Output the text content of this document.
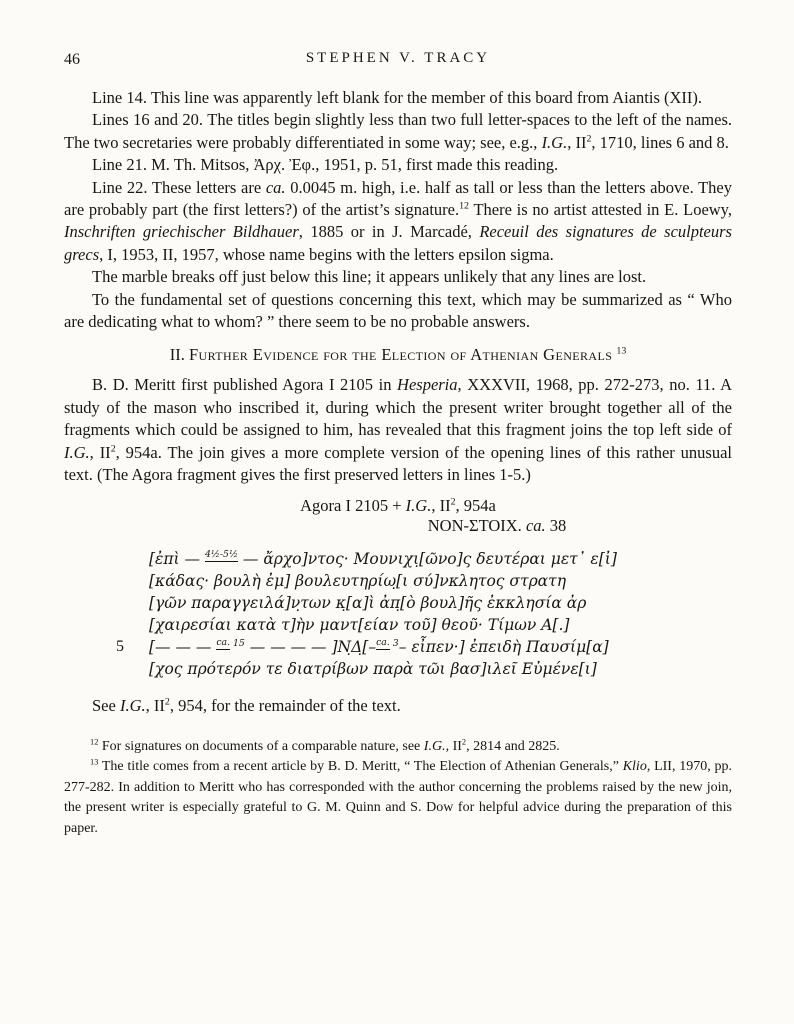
46	STEPHEN V. TRACY

Line 14. This line was apparently left blank for the member of this board from Aiantis (XII).

Lines 16 and 20. The titles begin slightly less than two full letter-spaces to the left of the names. The two secretaries were probably differentiated in some way; see, e.g., I.G., $II^2$, 1710, lines 6 and 8.

Line 21. M. Th. Mitsos, Ἀρχ. Ἐφ., 1951, p. 51, first made this reading.

Line 22. These letters are ca. 0.0045 m. high, i.e. half as tall or less than the letters above. They are probably part (the first letters?) of the artist’s signature.$^{12}$ There is no artist attested in E. Loewy, Inschriften griechischer Bildhauer, 1885 or in J. Marcadé, Receuil des signatures de sculpteurs grecs, I, 1953, II, 1957, whose name begins with the letters epsilon sigma.

The marble breaks off just below this line; it appears unlikely that any lines are lost.

To the fundamental set of questions concerning this text, which may be summarized as “ Who are dedicating what to whom? ” there seem to be no probable answers.

II. Further Evidence for the Election of Athenian Generals $^{13}$

B. D. Meritt first published Agora I 2105 in Hesperia, XXXVII, 1968, pp. 272-273, no. 11. A study of the mason who inscribed it, during which the present writer brought together all of the fragments which could be assigned to him, has revealed that this fragment joins the top left side of I.G., $II^2$, 954a. The join gives a more complete version of the opening lines of this rather unusual text. (The Agora fragment gives the first preserved letters in lines 1-5.)

Agora I 2105 + I.G., $II^2$, 954a
NON-ΣΤΟΙΧ. ca. 38
[ἐπὶ — $^{4\frac{1}{2}-5\frac{1}{2}}$ — ἄρχο]ντος· Μουνιχι̣[ῶνο]ς δευτέραι μετ᾽ ε[ἰ]
[κάδας· βουλὴ ἐμ] βουλευτηρίω̣[ι σύ]νκλητος στρατη
[γῶν παραγγειλά]ν̣των κ̣[α]ὶ ἀπ̣[ὸ βουλ]ῆς ἐκκλησία ἀρ
[χαιρεσίαι κατὰ τ]ὴν μαντ[είαν τοῦ] θεοῦ· Τίμων Α[.]
5 [— — — $^{ca.}$ $^{15}$ — — — — ]Ν̣Δ̣[–$^{ca.}$ $^3$– εἶπεν·] ἐπειδὴ Παυσίμ[α]
[χος πρότερόν τε διατρίβων παρὰ τῶι βασ]ιλεῖ Εὐμένε[ι]

See I.G., $II^2$, 954, for the remainder of the text.

$^{12}$ For signatures on documents of a comparable nature, see I.G., $II^2$, 2814 and 2825.

$^{13}$ The title comes from a recent article by B. D. Meritt, “ The Election of Athenian Generals,” Klio, LII, 1970, pp. 277-282. In addition to Meritt who has corresponded with the author concerning the problems raised by the new join, the present writer is especially grateful to G. M. Quinn and S. Dow for helpful advice during the preparation of this paper.
